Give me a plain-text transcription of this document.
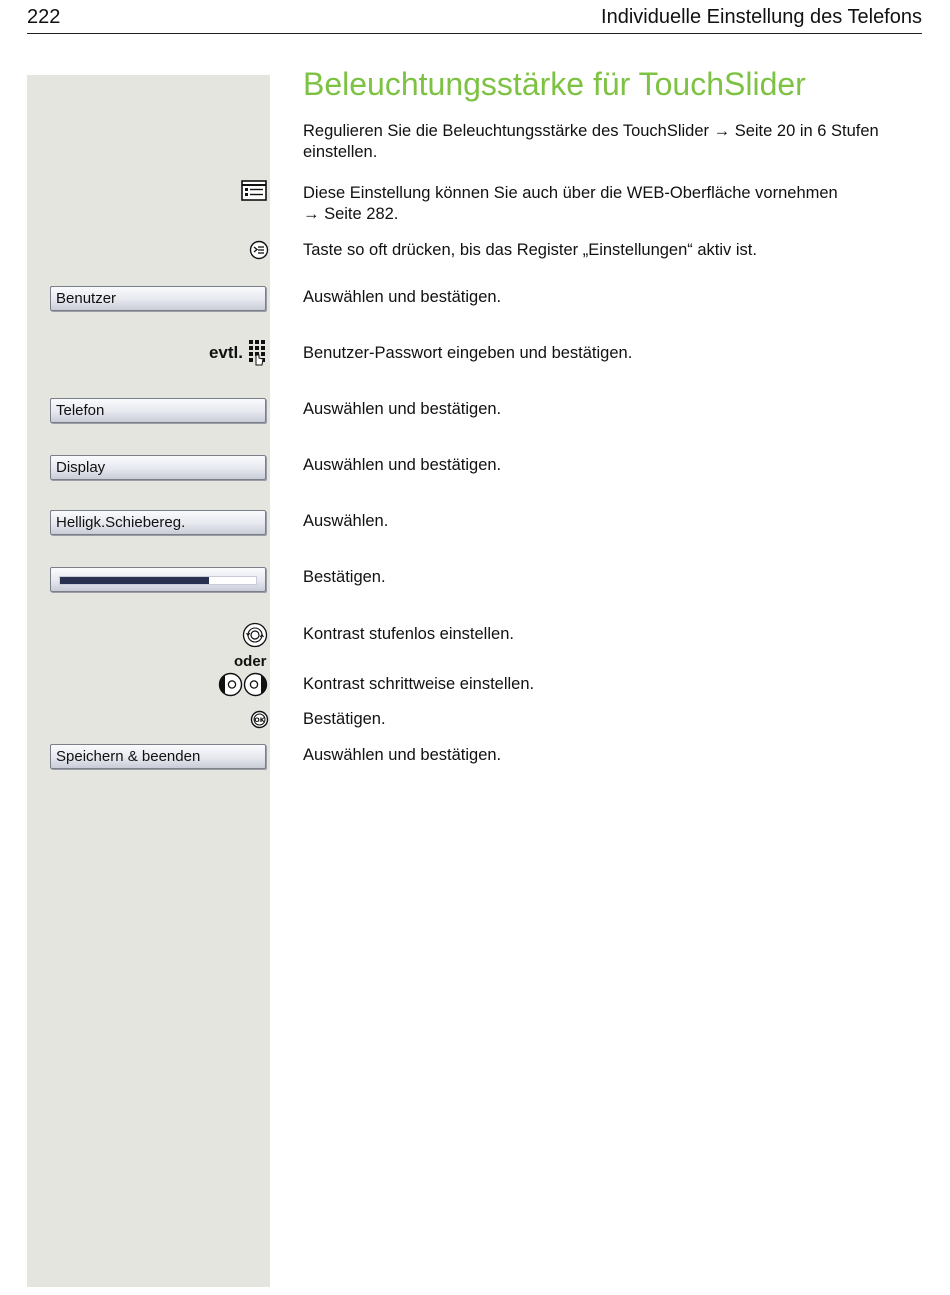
222	Individuelle Einstellung des Telefons
Beleuchtungsstärke für TouchSlider
Regulieren Sie die Beleuchtungsstärke des TouchSlider → Seite 20 in 6 Stufen einstellen.
Diese Einstellung können Sie auch über die WEB-Oberfläche vornehmen
→ Seite 282.
Taste so oft drücken, bis das Register „Einstellungen“ aktiv ist.
Benutzer	Auswählen und bestätigen.
evtl.	Benutzer-Passwort eingeben und bestätigen.
Telefon	Auswählen und bestätigen.
Display	Auswählen und bestätigen.
Helligk.Schiebereg.	Auswählen.
Bestätigen.
Kontrast stufenlos einstellen.
oder
Kontrast schrittweise einstellen.
OK Bestätigen.
Speichern & beenden	Auswählen und bestätigen.
